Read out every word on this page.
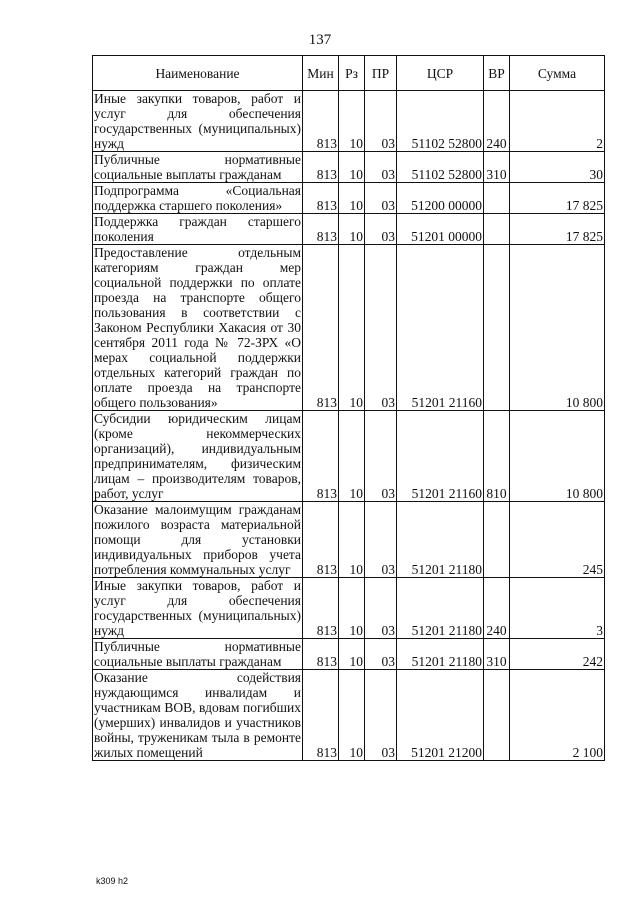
137
Наименование	Мин	Рз	ПР	ЦСР	ВР	Сумма
Иные закупки товаров, работ и услуг для обеспечения государственных (муниципальных) нужд	813	10	03	51102 52800	240	2
Публичные нормативные социальные выплаты гражданам	813	10	03	51102 52800	310	30
Подпрограмма «Социальная поддержка старшего поколения»	813	10	03	51200 00000		17 825
Поддержка граждан старшего поколения	813	10	03	51201 00000		17 825
Предоставление отдельным категориям граждан мер социальной поддержки по оплате проезда на транспорте общего пользования в соответствии с Законом Республики Хакасия от 30 сентября 2011 года № 72-ЗРХ «О мерах социальной поддержки отдельных категорий граждан по оплате проезда на транспорте общего пользования»	813	10	03	51201 21160		10 800
Субсидии юридическим лицам (кроме некоммерческих организаций), индивидуальным предпринимателям, физическим лицам – производителям товаров, работ, услуг	813	10	03	51201 21160	810	10 800
Оказание малоимущим гражданам пожилого возраста материальной помощи для установки индивидуальных приборов учета потребления коммунальных услуг	813	10	03	51201 21180		245
Иные закупки товаров, работ и услуг для обеспечения государственных (муниципальных) нужд	813	10	03	51201 21180	240	3
Публичные нормативные социальные выплаты гражданам	813	10	03	51201 21180	310	242
Оказание содействия нуждающимся инвалидам и участникам ВОВ, вдовам погибших (умерших) инвалидов и участников войны, труженикам тыла в ремонте жилых помещений	813	10	03	51201 21200		2 100
k309 h2
